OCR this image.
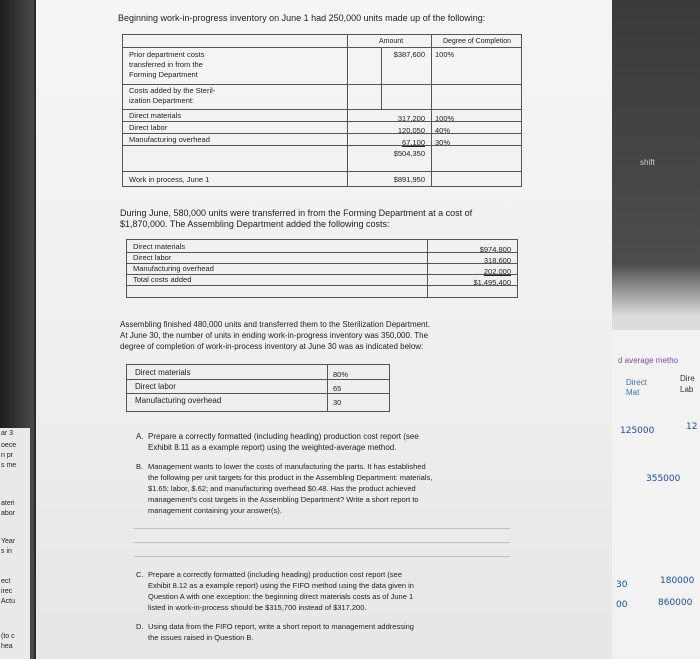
ar 3
oece
n pr
s me
ateri
abor
Year
s in
ect
irec
Actu
(to c
hea
d average metho
Direct
Mat
Dire
Lab
125000	12
355000
180000
860000
30
00
shift
Beginning work-in-progress inventory on June 1 had 250,000 units made up of the following:
Amount	Degree of Completion
Prior department costs
transferred in from the
Forming Department
$387,600 100%
Costs added by the Steril-
ization Department:
Direct materials	317,200 100%
Direct labor	120,050 40%
Manufacturing overhead	67,100 30%
$504,350
Work in process, June 1	$891,950
During June, 580,000 units were transferred in from the Forming Department at a cost of
$1,870,000. The Assembling Department added the following costs:
Direct materials	$974,800
Direct labor	318,600
Manufacturing overhead	202,000
Total costs added	$1,495,400
Assembling finished 480,000 units and transferred them to the Sterilization Department.
At June 30, the number of units in ending work-in-progress inventory was 350,000. The
degree of completion of work-in-process inventory at June 30 was as indicated below:
Direct materials	80%
Direct labor	65
Manufacturing overhead	30
A. Prepare a correctly formatted (including heading) production cost report (see
Exhibit 8.11 as a example report) using the weighted-average method.
B. Management wants to lower the costs of manufacturing the parts. It has established
the following per unit targets for this product in the Assembling Department: materials,
$1.65; labor, $.62; and manufacturing overhead $0.48. Has the product achieved
management's cost targets in the Assembling Department? Write a short report to
management containing your answer(s).
C. Prepare a correctly formatted (including heading) production cost report (see
Exhibit 8.12 as a example report) using the FIFO method using the data given in
Question A with one exception: the beginning direct materials costs as of June 1
listed in work-in-process should be $315,700 instead of $317,200.
D. Using data from the FIFO report, write a short report to management addressing
the issues raised in Question B.
